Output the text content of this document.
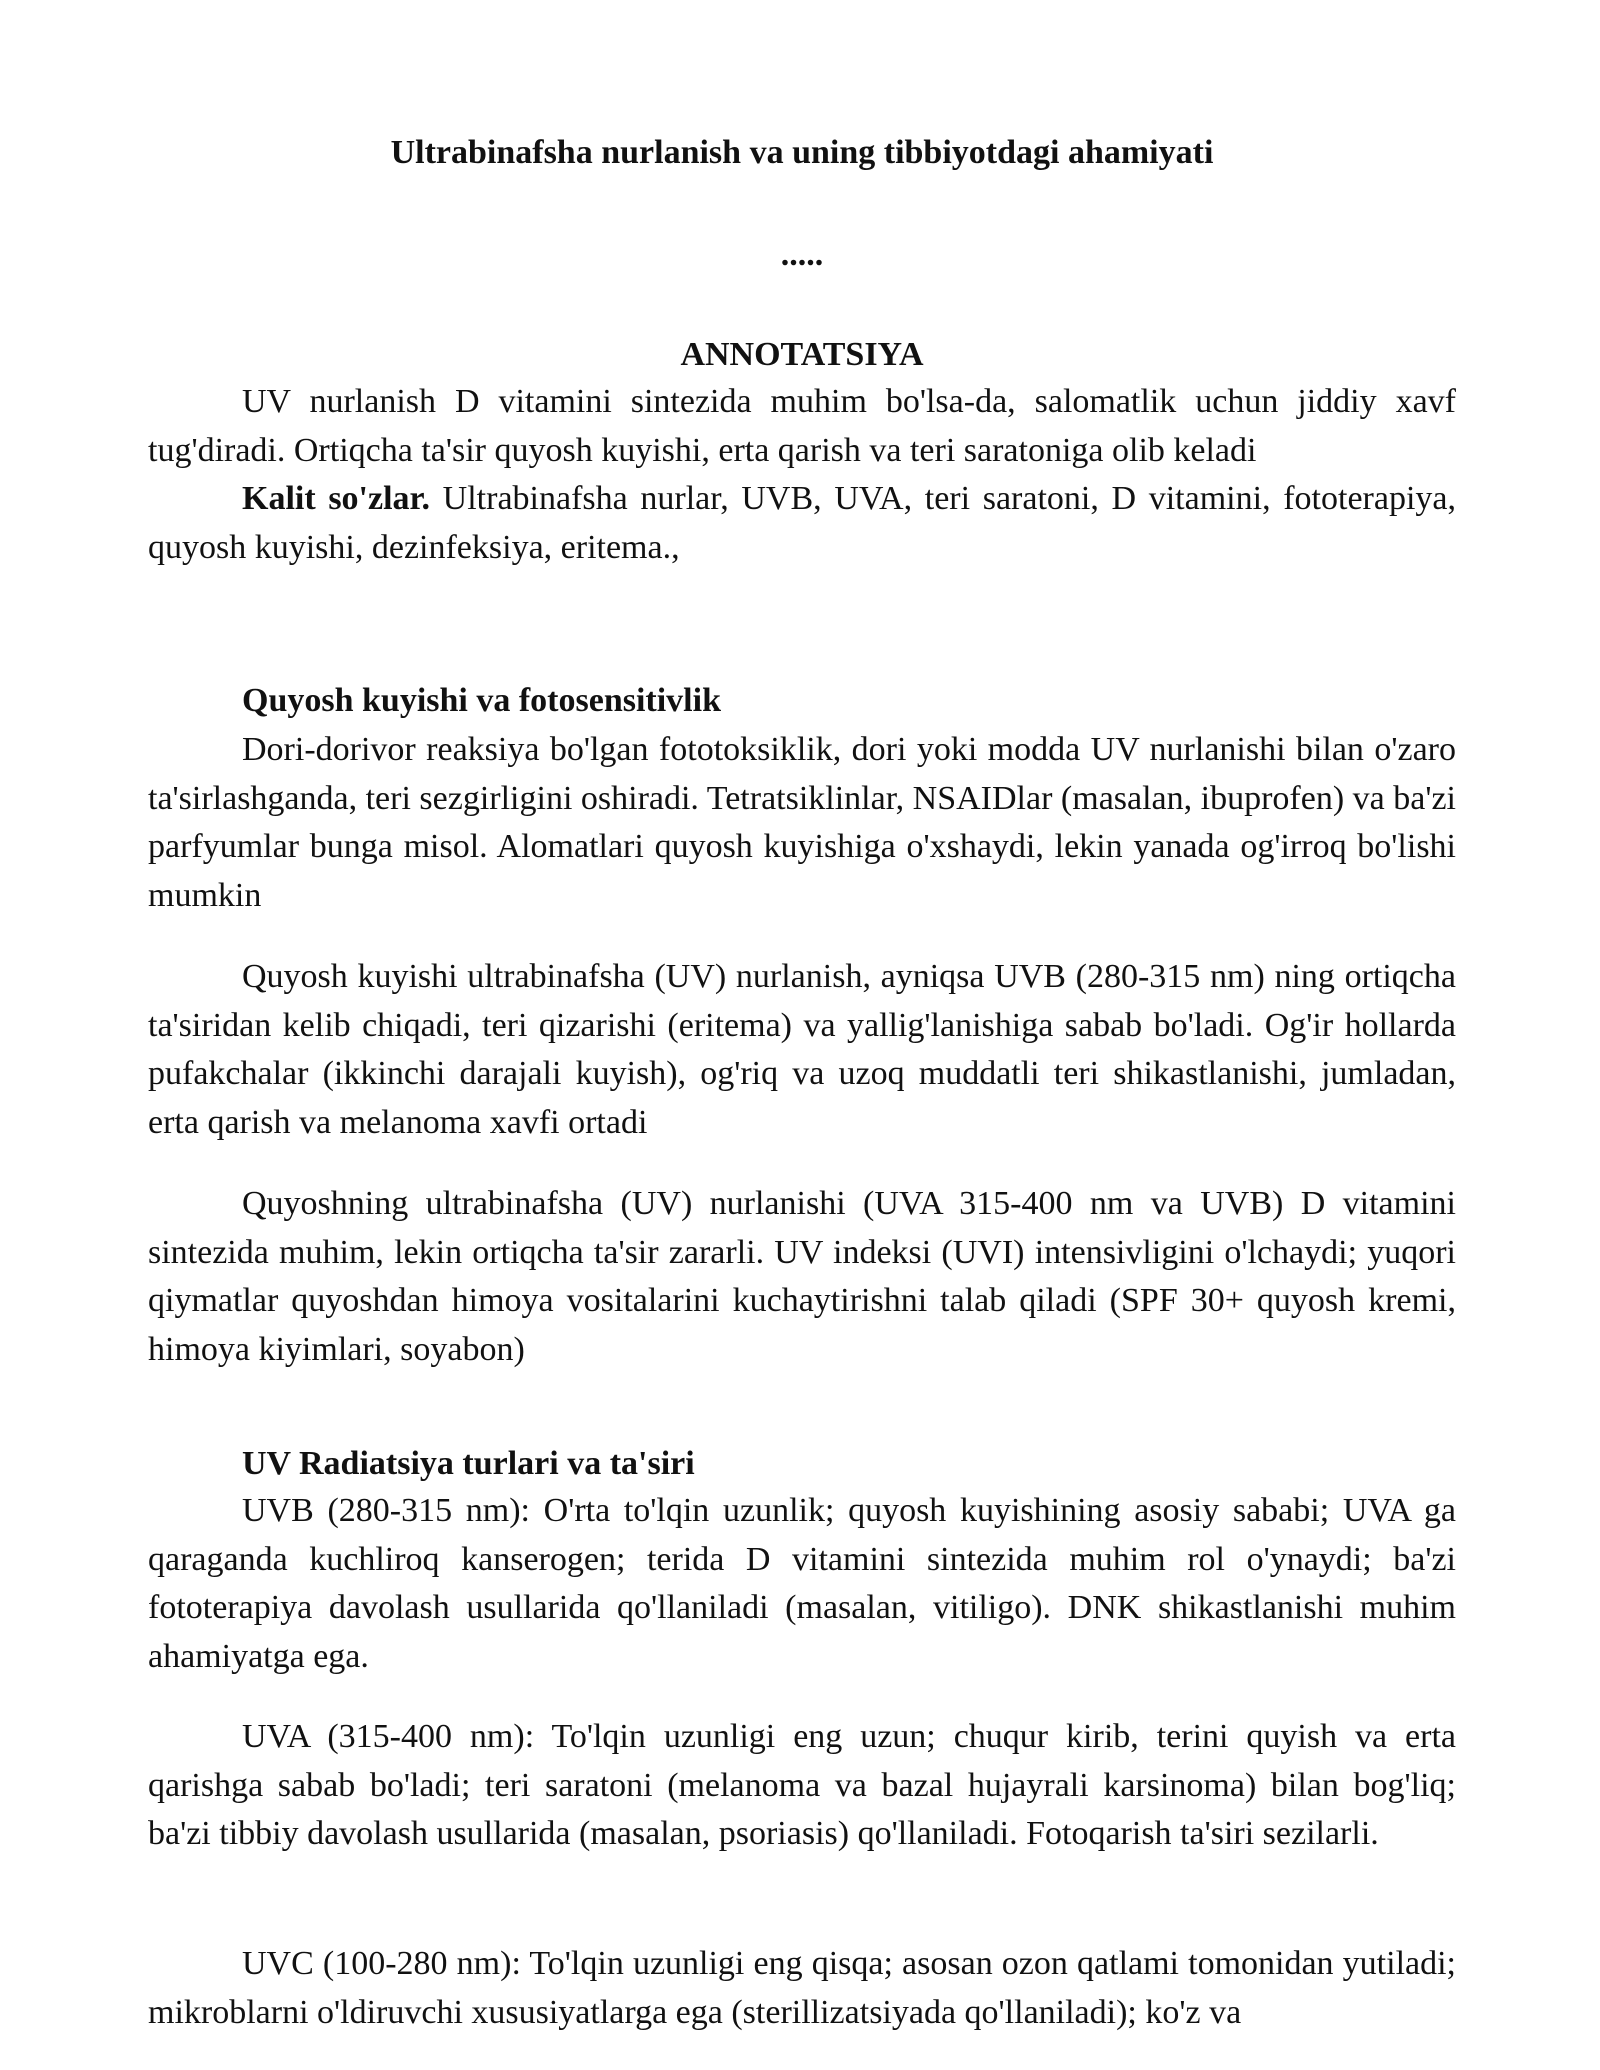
Ultrabinafsha nurlanish va uning tibbiyotdagi ahamiyati
.....
ANNOTATSIYA

UV nurlanish D vitamini sintezida muhim bo'lsa-da, salomatlik uchun jiddiy xavf tug'diradi. Ortiqcha ta'sir quyosh kuyishi, erta qarish va teri saratoniga olib keladi

Kalit so'zlar. Ultrabinafsha nurlar, UVB, UVA, teri saratoni, D vitamini, fototerapiya, quyosh kuyishi, dezinfeksiya, eritema.,

Quyosh kuyishi va fotosensitivlik

Dori-dorivor reaksiya bo'lgan fototoksiklik, dori yoki modda UV nurlanishi bilan o'zaro ta'sirlashganda, teri sezgirligini oshiradi. Tetratsiklinlar, NSAIDlar (masalan, ibuprofen) va ba'zi parfyumlar bunga misol. Alomatlari quyosh kuyishiga o'xshaydi, lekin yanada og'irroq bo'lishi mumkin

Quyosh kuyishi ultrabinafsha (UV) nurlanish, ayniqsa UVB (280-315 nm) ning ortiqcha ta'siridan kelib chiqadi, teri qizarishi (eritema) va yallig'lanishiga sabab bo'ladi. Og'ir hollarda pufakchalar (ikkinchi darajali kuyish), og'riq va uzoq muddatli teri shikastlanishi, jumladan, erta qarish va melanoma xavfi ortadi

Quyoshning ultrabinafsha (UV) nurlanishi (UVA 315-400 nm va UVB) D vitamini sintezida muhim, lekin ortiqcha ta'sir zararli. UV indeksi (UVI) intensivligini o'lchaydi; yuqori qiymatlar quyoshdan himoya vositalarini kuchaytirishni talab qiladi (SPF 30+ quyosh kremi, himoya kiyimlari, soyabon)

UV Radiatsiya turlari va ta'siri

UVB (280-315 nm): O'rta to'lqin uzunlik; quyosh kuyishining asosiy sababi; UVA ga qaraganda kuchliroq kanserogen; terida D vitamini sintezida muhim rol o'ynaydi; ba'zi fototerapiya davolash usullarida qo'llaniladi (masalan, vitiligo). DNK shikastlanishi muhim ahamiyatga ega.

UVA (315-400 nm): To'lqin uzunligi eng uzun; chuqur kirib, terini quyish va erta qarishga sabab bo'ladi; teri saratoni (melanoma va bazal hujayrali karsinoma) bilan bog'liq; ba'zi tibbiy davolash usullarida (masalan, psoriasis) qo'llaniladi. Fotoqarish ta'siri sezilarli.

UVC (100-280 nm): To'lqin uzunligi eng qisqa; asosan ozon qatlami tomonidan yutiladi; mikroblarni o'ldiruvchi xususiyatlarga ega (sterillizatsiyada qo'llaniladi); ko'z va
